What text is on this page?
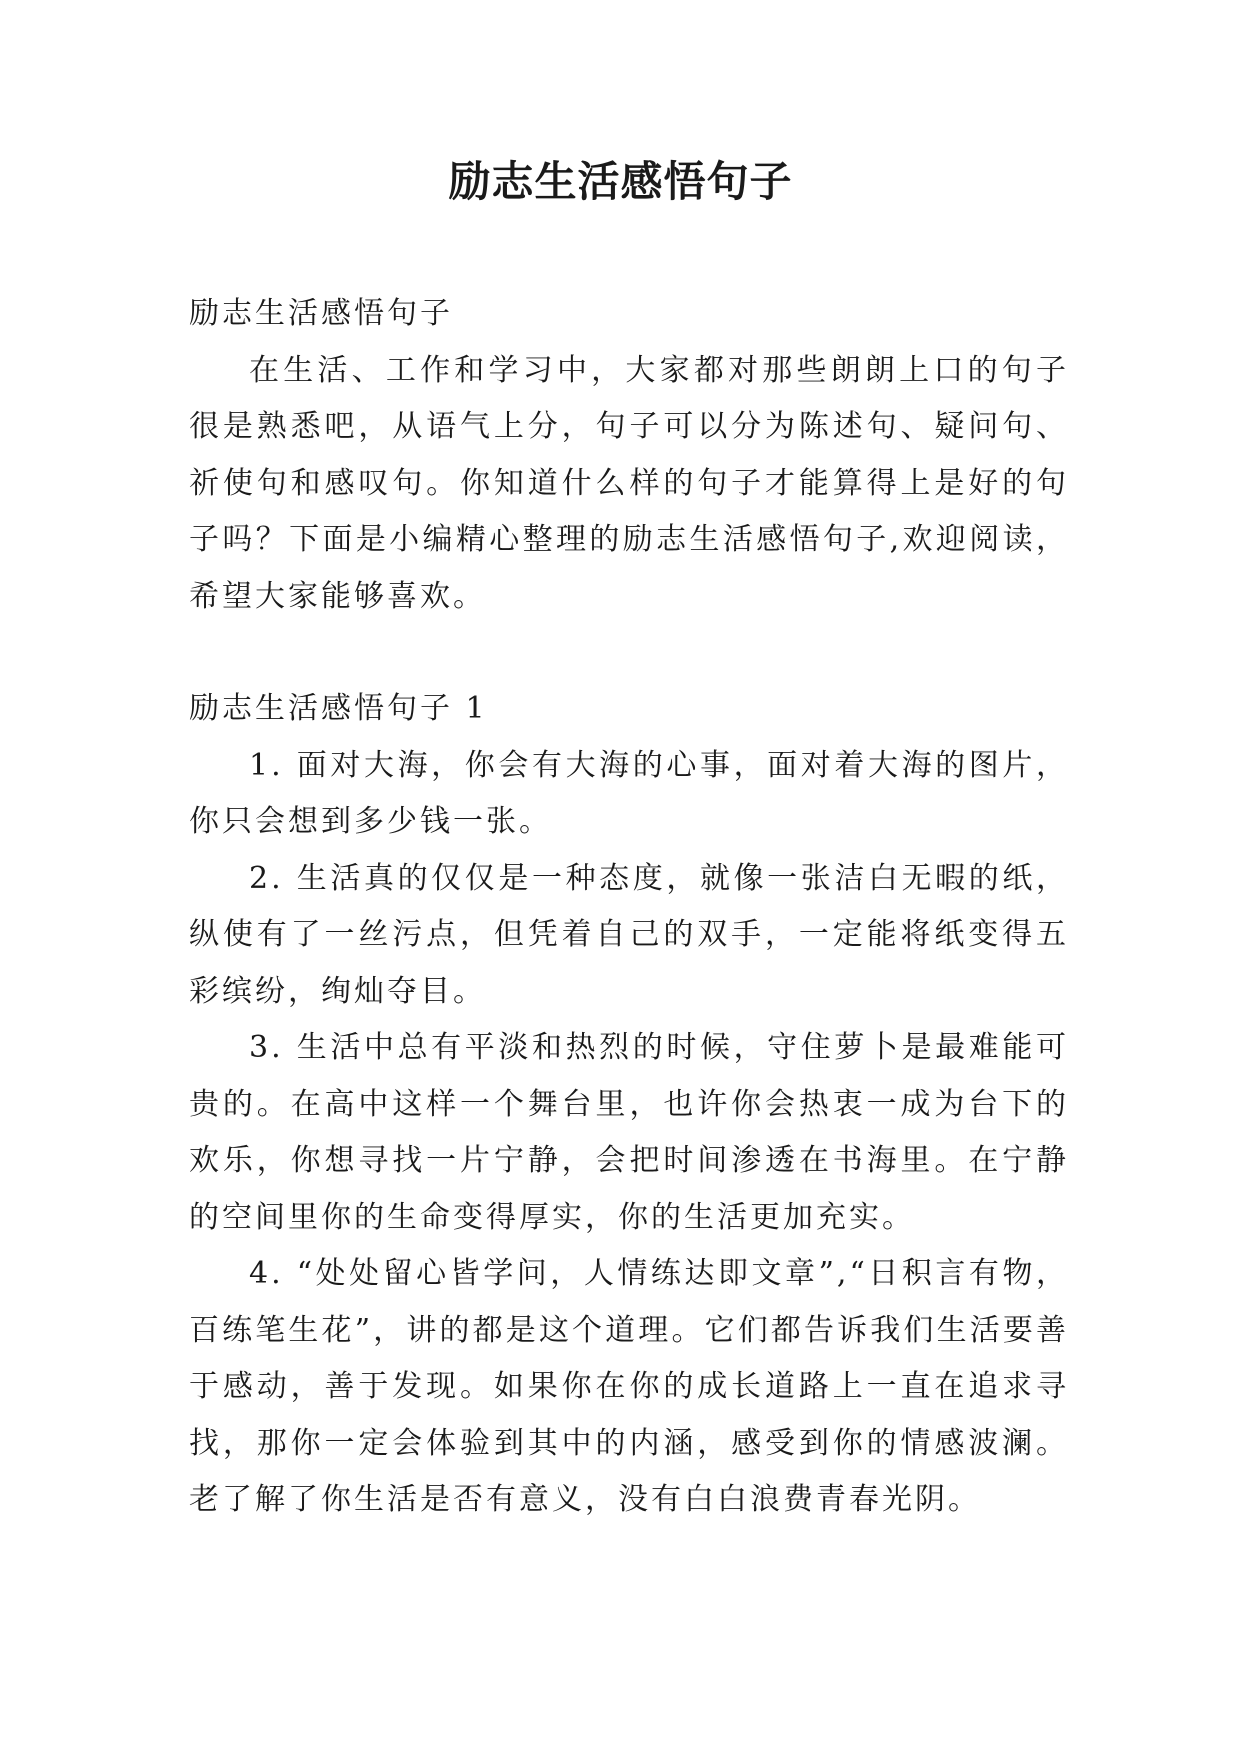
励志生活感悟句子

励志生活感悟句子

在生活、工作和学习中，大家都对那些朗朗上口的句子很是熟悉吧，从语气上分，句子可以分为陈述句、疑问句、祈使句和感叹句。你知道什么样的句子才能算得上是好的句子吗？下面是小编精心整理的励志生活感悟句子,欢迎阅读，希望大家能够喜欢。

励志生活感悟句子 1

1. 面对大海，你会有大海的心事，面对着大海的图片，你只会想到多少钱一张。

2. 生活真的仅仅是一种态度，就像一张洁白无暇的纸，纵使有了一丝污点，但凭着自己的双手，一定能将纸变得五彩缤纷，绚灿夺目。

3. 生活中总有平淡和热烈的时候，守住萝卜是最难能可贵的。在高中这样一个舞台里，也许你会热衷一成为台下的欢乐，你想寻找一片宁静，会把时间渗透在书海里。在宁静的空间里你的生命变得厚实，你的生活更加充实。

4. “处处留心皆学问，人情练达即文章”,“日积言有物，百练笔生花”，讲的都是这个道理。它们都告诉我们生活要善于感动，善于发现。如果你在你的成长道路上一直在追求寻找，那你一定会体验到其中的内涵，感受到你的情感波澜。老了解了你生活是否有意义，没有白白浪费青春光阴。
